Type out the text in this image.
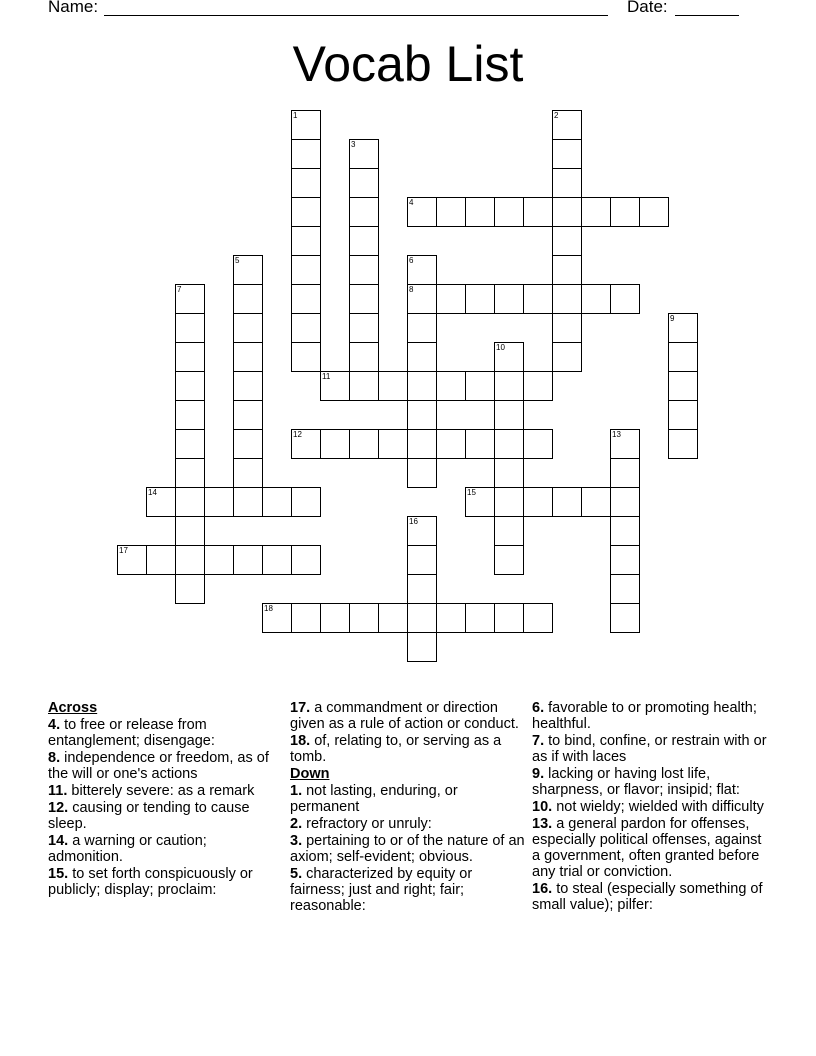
Name:	Date:
Vocab List
1	2
3
4
5	6
8
7
9
10
11
12	13
14	15
16
17
18
Across
4. to free or release from entanglement; disengage:
8. independence or freedom, as of the will or one's actions
11. bitterely severe: as a remark
12. causing or tending to cause sleep.
14. a warning or caution; admonition.
15. to set forth conspicuously or publicly; display; proclaim:
17. a commandment or direction given as a rule of action or conduct.
18. of, relating to, or serving as a tomb.
Down
1. not lasting, enduring, or permanent
2. refractory or unruly:
3. pertaining to or of the nature of an axiom; self-evident; obvious.
5. characterized by equity or fairness; just and right; fair; reasonable:
6. favorable to or promoting health; healthful.
7. to bind, confine, or restrain with or as if with laces
9. lacking or having lost life, sharpness, or flavor; insipid; flat:
10. not wieldy; wielded with difficulty
13. a general pardon for offenses, especially political offenses, against a government, often granted before any trial or conviction.
16. to steal (especially something of small value); pilfer:
